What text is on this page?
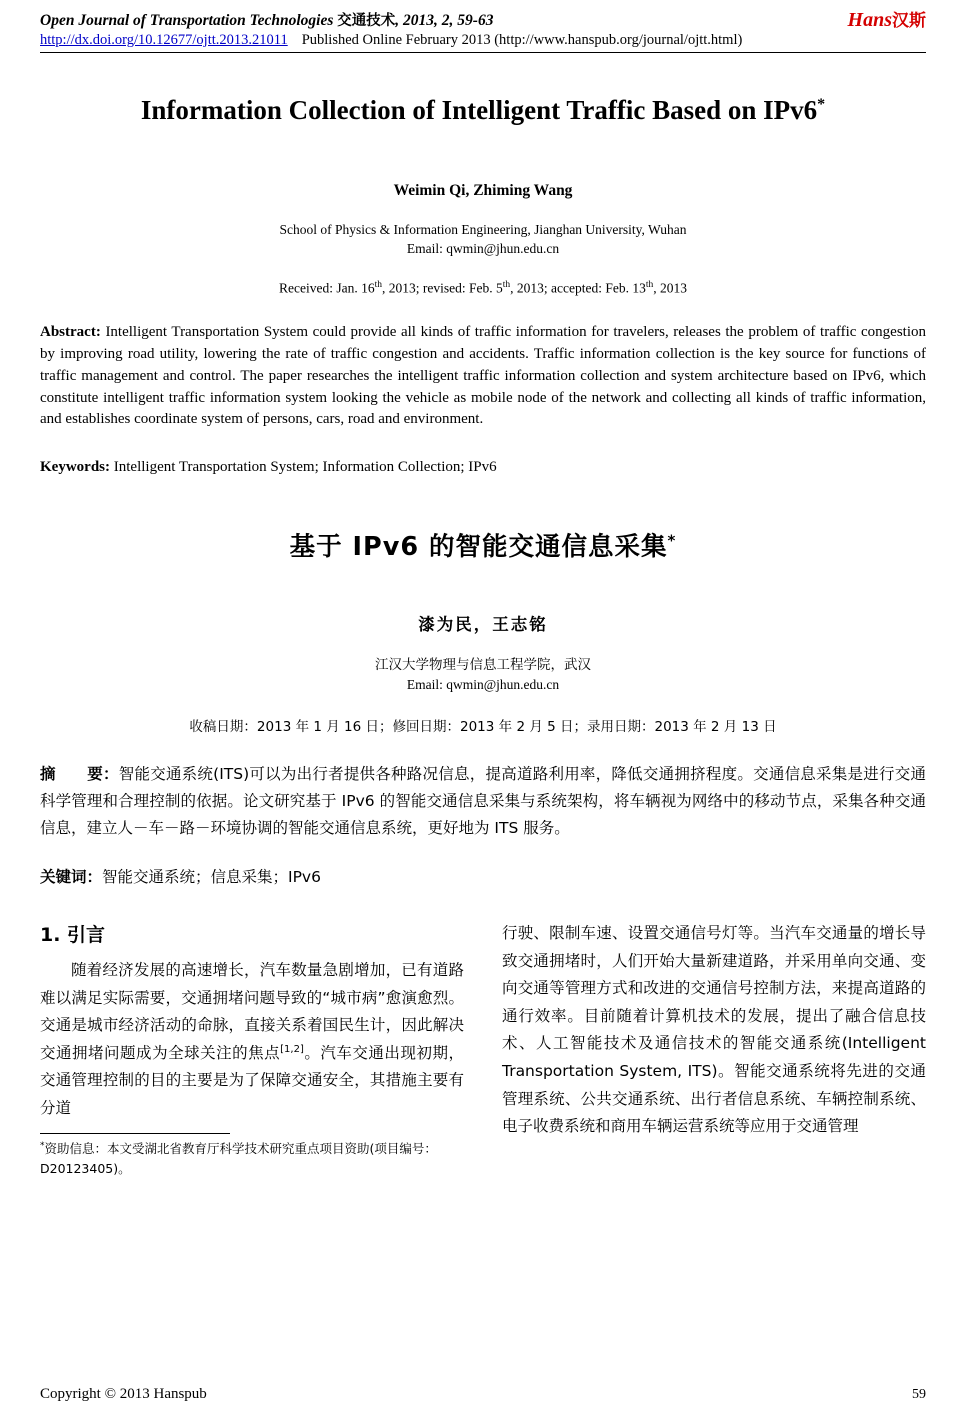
Open Journal of Transportation Technologies 交通技术, 2013, 2, 59-63	Hans汉斯
http://dx.doi.org/10.12677/ojtt.2013.21011 Published Online February 2013 (http://www.hanspub.org/journal/ojtt.html)
Information Collection of Intelligent Traffic Based on IPv6*
Weimin Qi, Zhiming Wang
School of Physics & Information Engineering, Jianghan University, Wuhan
Email: qwmin@jhun.edu.cn
Received: Jan. 16th, 2013; revised: Feb. 5th, 2013; accepted: Feb. 13th, 2013
Abstract: Intelligent Transportation System could provide all kinds of traffic information for travelers, releases the problem of traffic congestion by improving road utility, lowering the rate of traffic congestion and accidents. Traffic information collection is the key source for functions of traffic management and control. The paper researches the intelligent traffic information collection and system architecture based on IPv6, which constitute intelligent traffic information system looking the vehicle as mobile node of the network and collecting all kinds of traffic information, and establishes coordinate system of persons, cars, road and environment.
Keywords: Intelligent Transportation System; Information Collection; IPv6
基于 IPv6 的智能交通信息采集*
漆为民，王志铭
江汉大学物理与信息工程学院，武汉
Email: qwmin@jhun.edu.cn
收稿日期：2013 年 1 月 16 日；修回日期：2013 年 2 月 5 日；录用日期：2013 年 2 月 13 日
摘　　要：智能交通系统(ITS)可以为出行者提供各种路况信息，提高道路利用率，降低交通拥挤程度。交通信息采集是进行交通科学管理和合理控制的依据。论文研究基于 IPv6 的智能交通信息采集与系统架构，将车辆视为网络中的移动节点，采集各种交通信息，建立人－车－路－环境协调的智能交通信息系统，更好地为 ITS 服务。
关键词：智能交通系统；信息采集；IPv6
1. 引言

随着经济发展的高速增长，汽车数量急剧增加，已有道路难以满足实际需要，交通拥堵问题导致的“城市病”愈演愈烈。交通是城市经济活动的命脉，直接关系着国民生计，因此解决交通拥堵问题成为全球关注的焦点[1,2]。汽车交通出现初期，交通管理控制的目的主要是为了保障交通安全，其措施主要有分道

*资助信息：本文受湖北省教育厅科学技术研究重点项目资助(项目编号：D20123405)。

行驶、限制车速、设置交通信号灯等。当汽车交通量的增长导致交通拥堵时，人们开始大量新建道路，并采用单向交通、变向交通等管理方式和改进的交通信号控制方法，来提高道路的通行效率。目前随着计算机技术的发展，提出了融合信息技术、人工智能技术及通信技术的智能交通系统(Intelligent Transportation System, ITS)。智能交通系统将先进的交通管理系统、公共交通系统、出行者信息系统、车辆控制系统、电子收费系统和商用车辆运营系统等应用于交通管理

Copyright © 2013 Hanspub	59
